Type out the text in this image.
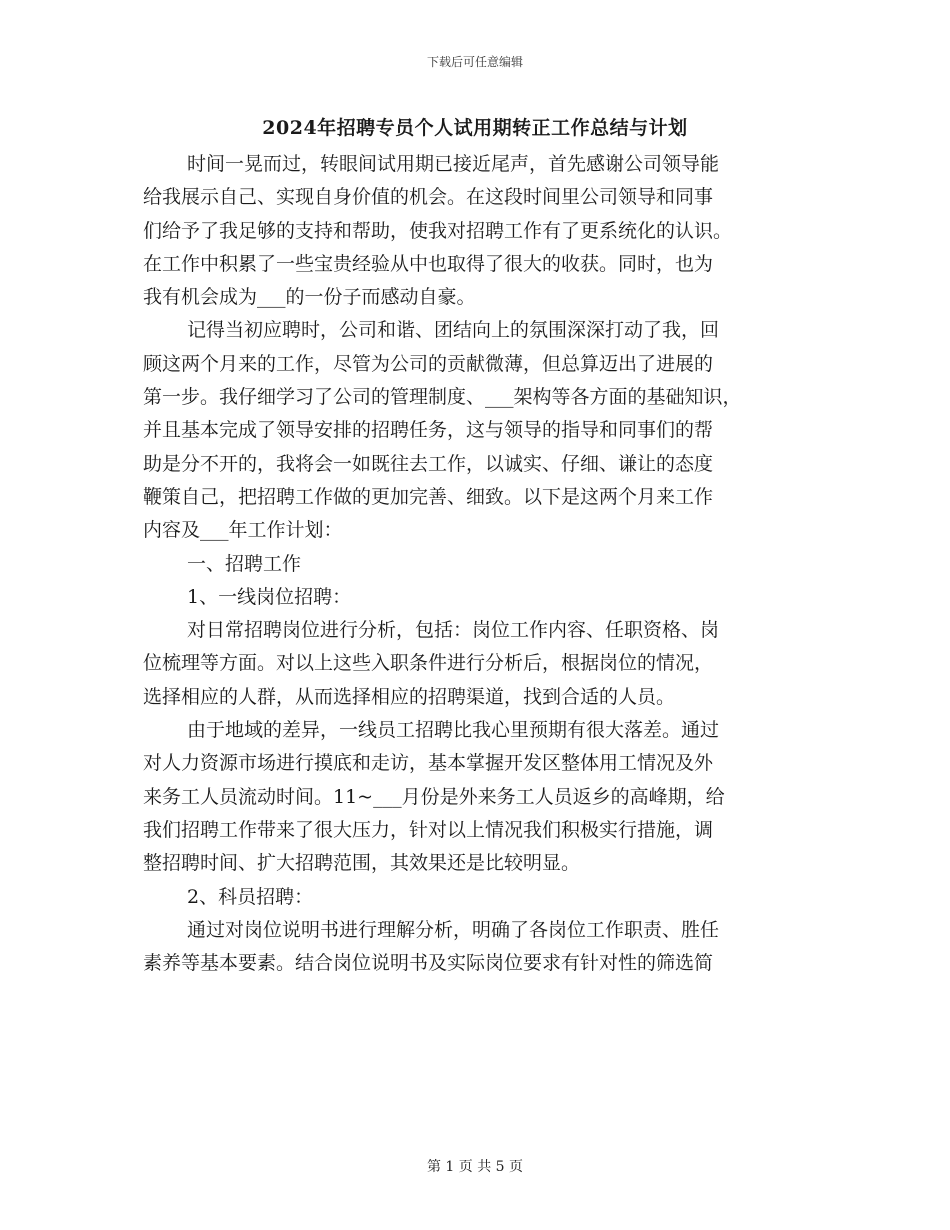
下载后可任意编辑
2024年招聘专员个人试用期转正工作总结与计划
时间一晃而过，转眼间试用期已接近尾声，首先感谢公司领导能
给我展示自己、实现自身价值的机会。在这段时间里公司领导和同事
们给予了我足够的支持和帮助，使我对招聘工作有了更系统化的认识。
在工作中积累了一些宝贵经验从中也取得了很大的收获。同时，也为
我有机会成为___的一份子而感动自豪。
记得当初应聘时，公司和谐、团结向上的氛围深深打动了我，回
顾这两个月来的工作，尽管为公司的贡献微薄，但总算迈出了进展的
第一步。我仔细学习了公司的管理制度、___架构等各方面的基础知识，
并且基本完成了领导安排的招聘任务，这与领导的指导和同事们的帮
助是分不开的，我将会一如既往去工作，以诚实、仔细、谦让的态度
鞭策自己，把招聘工作做的更加完善、细致。以下是这两个月来工作
内容及___年工作计划：
一、招聘工作
1、一线岗位招聘：
对日常招聘岗位进行分析，包括：岗位工作内容、任职资格、岗
位梳理等方面。对以上这些入职条件进行分析后，根据岗位的情况，
选择相应的人群，从而选择相应的招聘渠道，找到合适的人员。
由于地域的差异，一线员工招聘比我心里预期有很大落差。通过
对人力资源市场进行摸底和走访，基本掌握开发区整体用工情况及外
来务工人员流动时间。11~___月份是外来务工人员返乡的高峰期，给
我们招聘工作带来了很大压力，针对以上情况我们积极实行措施，调
整招聘时间、扩大招聘范围，其效果还是比较明显。
2、科员招聘：
通过对岗位说明书进行理解分析，明确了各岗位工作职责、胜任
素养等基本要素。结合岗位说明书及实际岗位要求有针对性的筛选简
第 1 页 共 5 页
